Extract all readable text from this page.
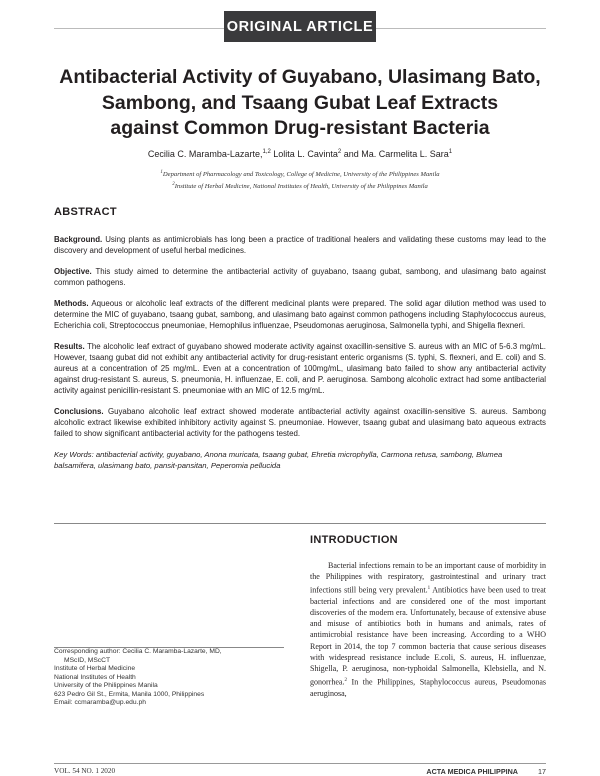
ORIGINAL ARTICLE
Antibacterial Activity of Guyabano, Ulasimang Bato,
Sambong, and Tsaang Gubat Leaf Extracts
against Common Drug-resistant Bacteria
Cecilia C. Maramba-Lazarte,$^{1,2}$ Lolita L. Cavinta$^2$ and Ma. Carmelita L. Sara$^1$
$^1$Department of Pharmacology and Toxicology, College of Medicine, University of the Philippines Manila
$^2$Institute of Herbal Medicine, National Institutes of Health, University of the Philippines Manila
ABSTRACT

Background. Using plants as antimicrobials has long been a practice of traditional healers and validating these customs may lead to the discovery and development of useful herbal medicines.

Objective. This study aimed to determine the antibacterial activity of guyabano, tsaang gubat, sambong, and ulasimang bato against common pathogens.

Methods. Aqueous or alcoholic leaf extracts of the different medicinal plants were prepared. The solid agar dilution method was used to determine the MIC of guyabano, tsaang gubat, sambong, and ulasimang bato against common pathogens including Staphylococcus aureus, Echerichia coli, Streptococcus pneumoniae, Hemophilus influenzae, Pseudomonas aeruginosa, Salmonella typhi, and Shigella flexneri.

Results. The alcoholic leaf extract of guyabano showed moderate activity against oxacillin-sensitive S. aureus with an MIC of 5-6.3 mg/mL. However, tsaang gubat did not exhibit any antibacterial activity for drug-resistant enteric organisms (S. typhi, S. flexneri, and E. coli) and S. aureus at a concentration of 25 mg/mL. Even at a concentration of 100mg/mL, ulasimang bato failed to show any antibacterial activity against drug-resistant S. aureus, S. pneumonia, H. influenzae, E. coli, and P. aeruginosa. Sambong alcoholic extract had some antibacterial activity against penicillin-resistant S. pneumoniae with an MIC of 12.5 mg/mL.

Conclusions. Guyabano alcoholic leaf extract showed moderate antibacterial activity against oxacillin-sensitive S. aureus. Sambong alcoholic extract likewise exhibited inhibitory activity against S. pneumoniae. However, tsaang gubat and ulasimang bato aqueous extracts failed to show significant antibacterial activity for the pathogens tested.

Key Words: antibacterial activity, guyabano, Anona muricata, tsaang gubat, Ehretia microphylla, Carmona retusa, sambong, Blumea balsamifera, ulasimang bato, pansit-pansitan, Peperomia pellucida

INTRODUCTION

Bacterial infections remain to be an important cause of morbidity in the Philippines with respiratory, gastrointestinal and urinary tract infections still being very prevalent.$^1$ Antibiotics have been used to treat bacterial infections and are considered one of the most important discoveries of the modern era. Unfortunately, because of extensive abuse and misuse of antibiotics both in humans and animals, rates of antimicrobial resistance have been increasing. According to a WHO Report in 2014, the top 7 common bacteria that cause serious diseases with widespread resistance include E.coli, S. aureus, H. influenzae, Shigella, P. aeruginosa, non-typhoidal Salmonella, Klebsiella, and N. gonorrhea.$^2$ In the Philippines, Staphylococcus aureus, Pseudomonas aeruginosa,

Corresponding author: Cecilia C. Maramba-Lazarte, MD,
MScID, MScCT
Institute of Herbal Medicine
National Institutes of Health
University of the Philippines Manila
623 Pedro Gil St., Ermita, Manila 1000, Philippines
Email: ccmaramba@up.edu.ph
VOL. 54 NO. 1 2020	ACTA MEDICA PHILIPPINA	17
